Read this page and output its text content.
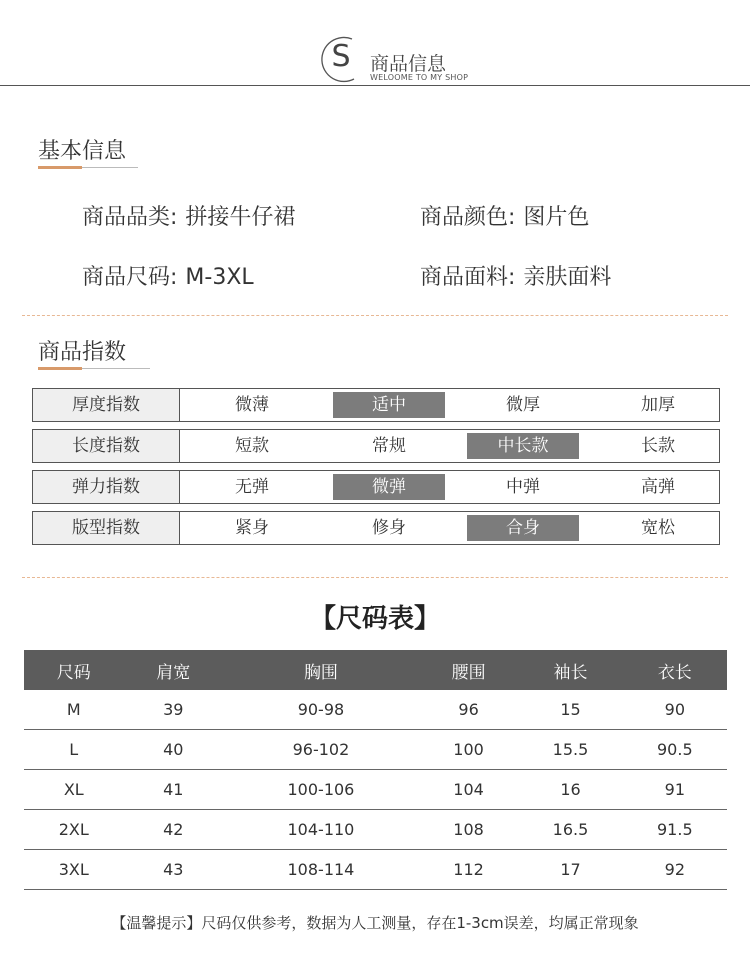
S 商品信息
WELOOME TO MY SHOP
基本信息
商品品类: 拼接牛仔裙	商品颜色: 图片色
商品尺码: M-3XL	商品面料: 亲肤面料
商品指数
厚度指数	微薄	适中	微厚	加厚
长度指数	短款	常规	中长款	长款
弹力指数	无弹	微弹	中弹	高弹
版型指数	紧身	修身	合身	宽松
【尺码表】
尺码	肩宽	胸围	腰围	袖长	衣长
M	39	90-98	96	15	90
L	40	96-102	100	15.5	90.5
XL	41	100-106	104	16	91
2XL	42	104-110	108	16.5	91.5
3XL	43	108-114	112	17	92
【温馨提示】尺码仅供参考，数据为人工测量，存在1-3cm误差，均属正常现象
